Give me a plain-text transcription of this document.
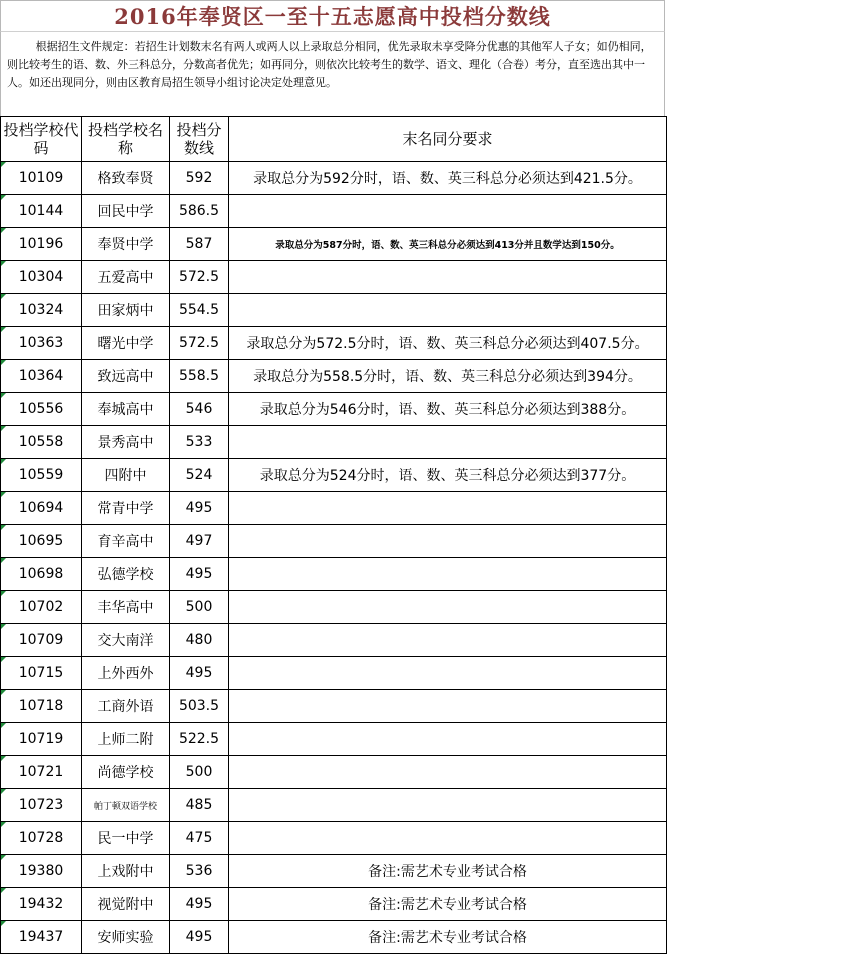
2016年奉贤区一至十五志愿高中投档分数线

根据招生文件规定：若招生计划数末名有两人或两人以上录取总分相同，优先录取未享受降分优惠的其他军人子女；如仍相同，则比较考生的语、数、外三科总分，分数高者优先；如再同分，则依次比较考生的数学、语文、理化（合卷）考分，直至选出其中一人。如还出现同分，则由区教育局招生领导小组讨论决定处理意见。

投档学校代码	投档学校名称	投档分数线	末名同分要求
10109	格致奉贤	592	录取总分为592分时，语、数、英三科总分必须达到421.5分。
10144	回民中学	586.5	
10196	奉贤中学	587	录取总分为587分时，语、数、英三科总分必须达到413分并且数学达到150分。
10304	五爱高中	572.5	
10324	田家炳中	554.5	
10363	曙光中学	572.5	录取总分为572.5分时，语、数、英三科总分必须达到407.5分。
10364	致远高中	558.5	录取总分为558.5分时，语、数、英三科总分必须达到394分。
10556	奉城高中	546	录取总分为546分时，语、数、英三科总分必须达到388分。
10558	景秀高中	533	
10559	四附中	524	录取总分为524分时，语、数、英三科总分必须达到377分。
10694	常青中学	495	
10695	育辛高中	497	
10698	弘德学校	495	
10702	丰华高中	500	
10709	交大南洋	480	
10715	上外西外	495	
10718	工商外语	503.5	
10719	上师二附	522.5	
10721	尚德学校	500	
10723	帕丁顿双语学校	485	
10728	民一中学	475	
19380	上戏附中	536	备注:需艺术专业考试合格
19432	视觉附中	495	备注:需艺术专业考试合格
19437	安师实验	495	备注:需艺术专业考试合格
